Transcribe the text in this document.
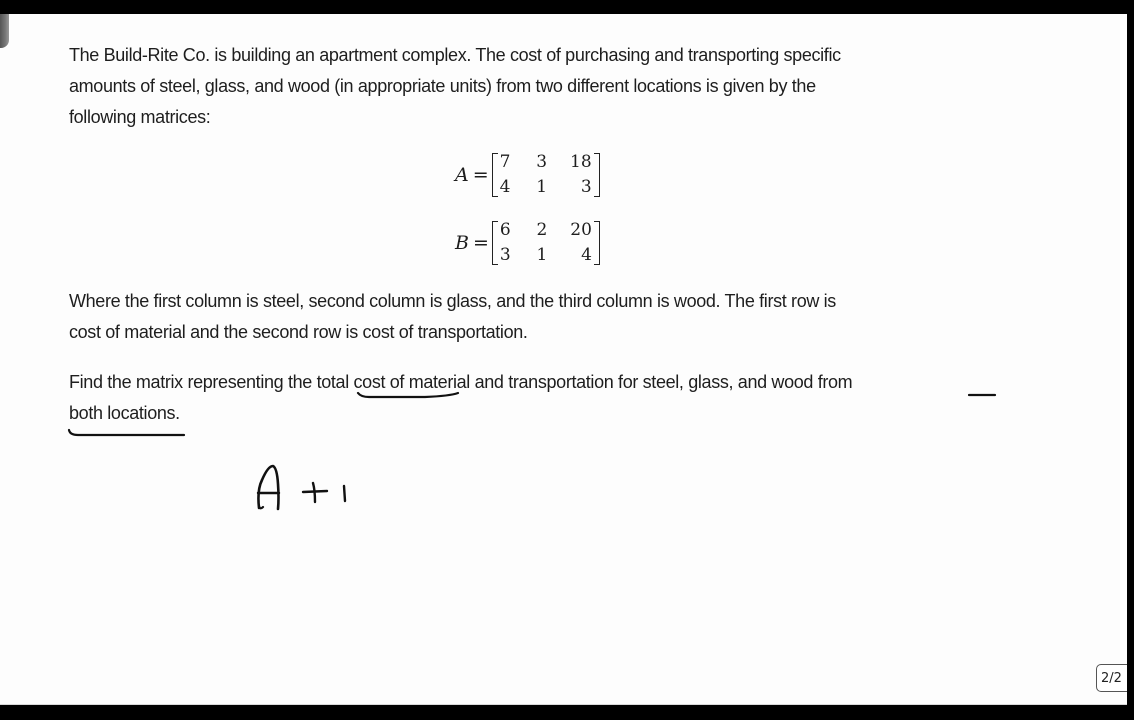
The Build-Rite Co. is building an apartment complex. The cost of purchasing and transporting specific
amounts of steel, glass, and wood (in appropriate units) from two different locations is given by the
following matrices:
A =
7	3	18
4	1	3
B =
6	2	20
3	1	4
Where the first column is steel, second column is glass, and the third column is wood. The first row is
cost of material and the second row is cost of transportation.
Find the matrix representing the total cost of material and transportation for steel, glass, and wood from
both locations.
2/2
